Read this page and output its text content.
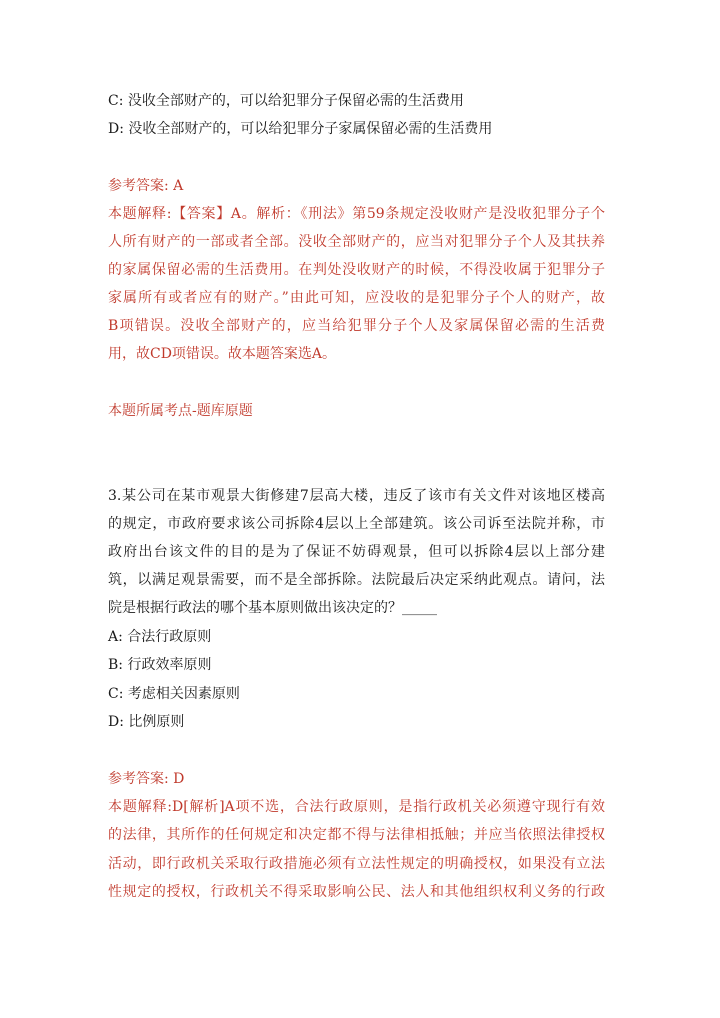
C: 没收全部财产的，可以给犯罪分子保留必需的生活费用
D: 没收全部财产的，可以给犯罪分子家属保留必需的生活费用
参考答案: A
本题解释:【答案】A。解析：《刑法》第59条规定没收财产是没收犯罪分子个
人所有财产的一部或者全部。没收全部财产的，应当对犯罪分子个人及其扶养
的家属保留必需的生活费用。在判处没收财产的时候，不得没收属于犯罪分子
家属所有或者应有的财产。”由此可知，应没收的是犯罪分子个人的财产，故
B项错误。没收全部财产的，应当给犯罪分子个人及家属保留必需的生活费
用，故CD项错误。故本题答案选A。
本题所属考点-题库原题
3.某公司在某市观景大街修建7层高大楼，违反了该市有关文件对该地区楼高
的规定，市政府要求该公司拆除4层以上全部建筑。该公司诉至法院并称，市
政府出台该文件的目的是为了保证不妨碍观景，但可以拆除4层以上部分建
筑，以满足观景需要，而不是全部拆除。法院最后决定采纳此观点。请问，法
院是根据行政法的哪个基本原则做出该决定的？_____
A: 合法行政原则
B: 行政效率原则
C: 考虑相关因素原则
D: 比例原则
参考答案: D
本题解释:D[解析]A项不选，合法行政原则，是指行政机关必须遵守现行有效
的法律，其所作的任何规定和决定都不得与法律相抵触；并应当依照法律授权
活动，即行政机关采取行政措施必须有立法性规定的明确授权，如果没有立法
性规定的授权，行政机关不得采取影响公民、法人和其他组织权利义务的行政
